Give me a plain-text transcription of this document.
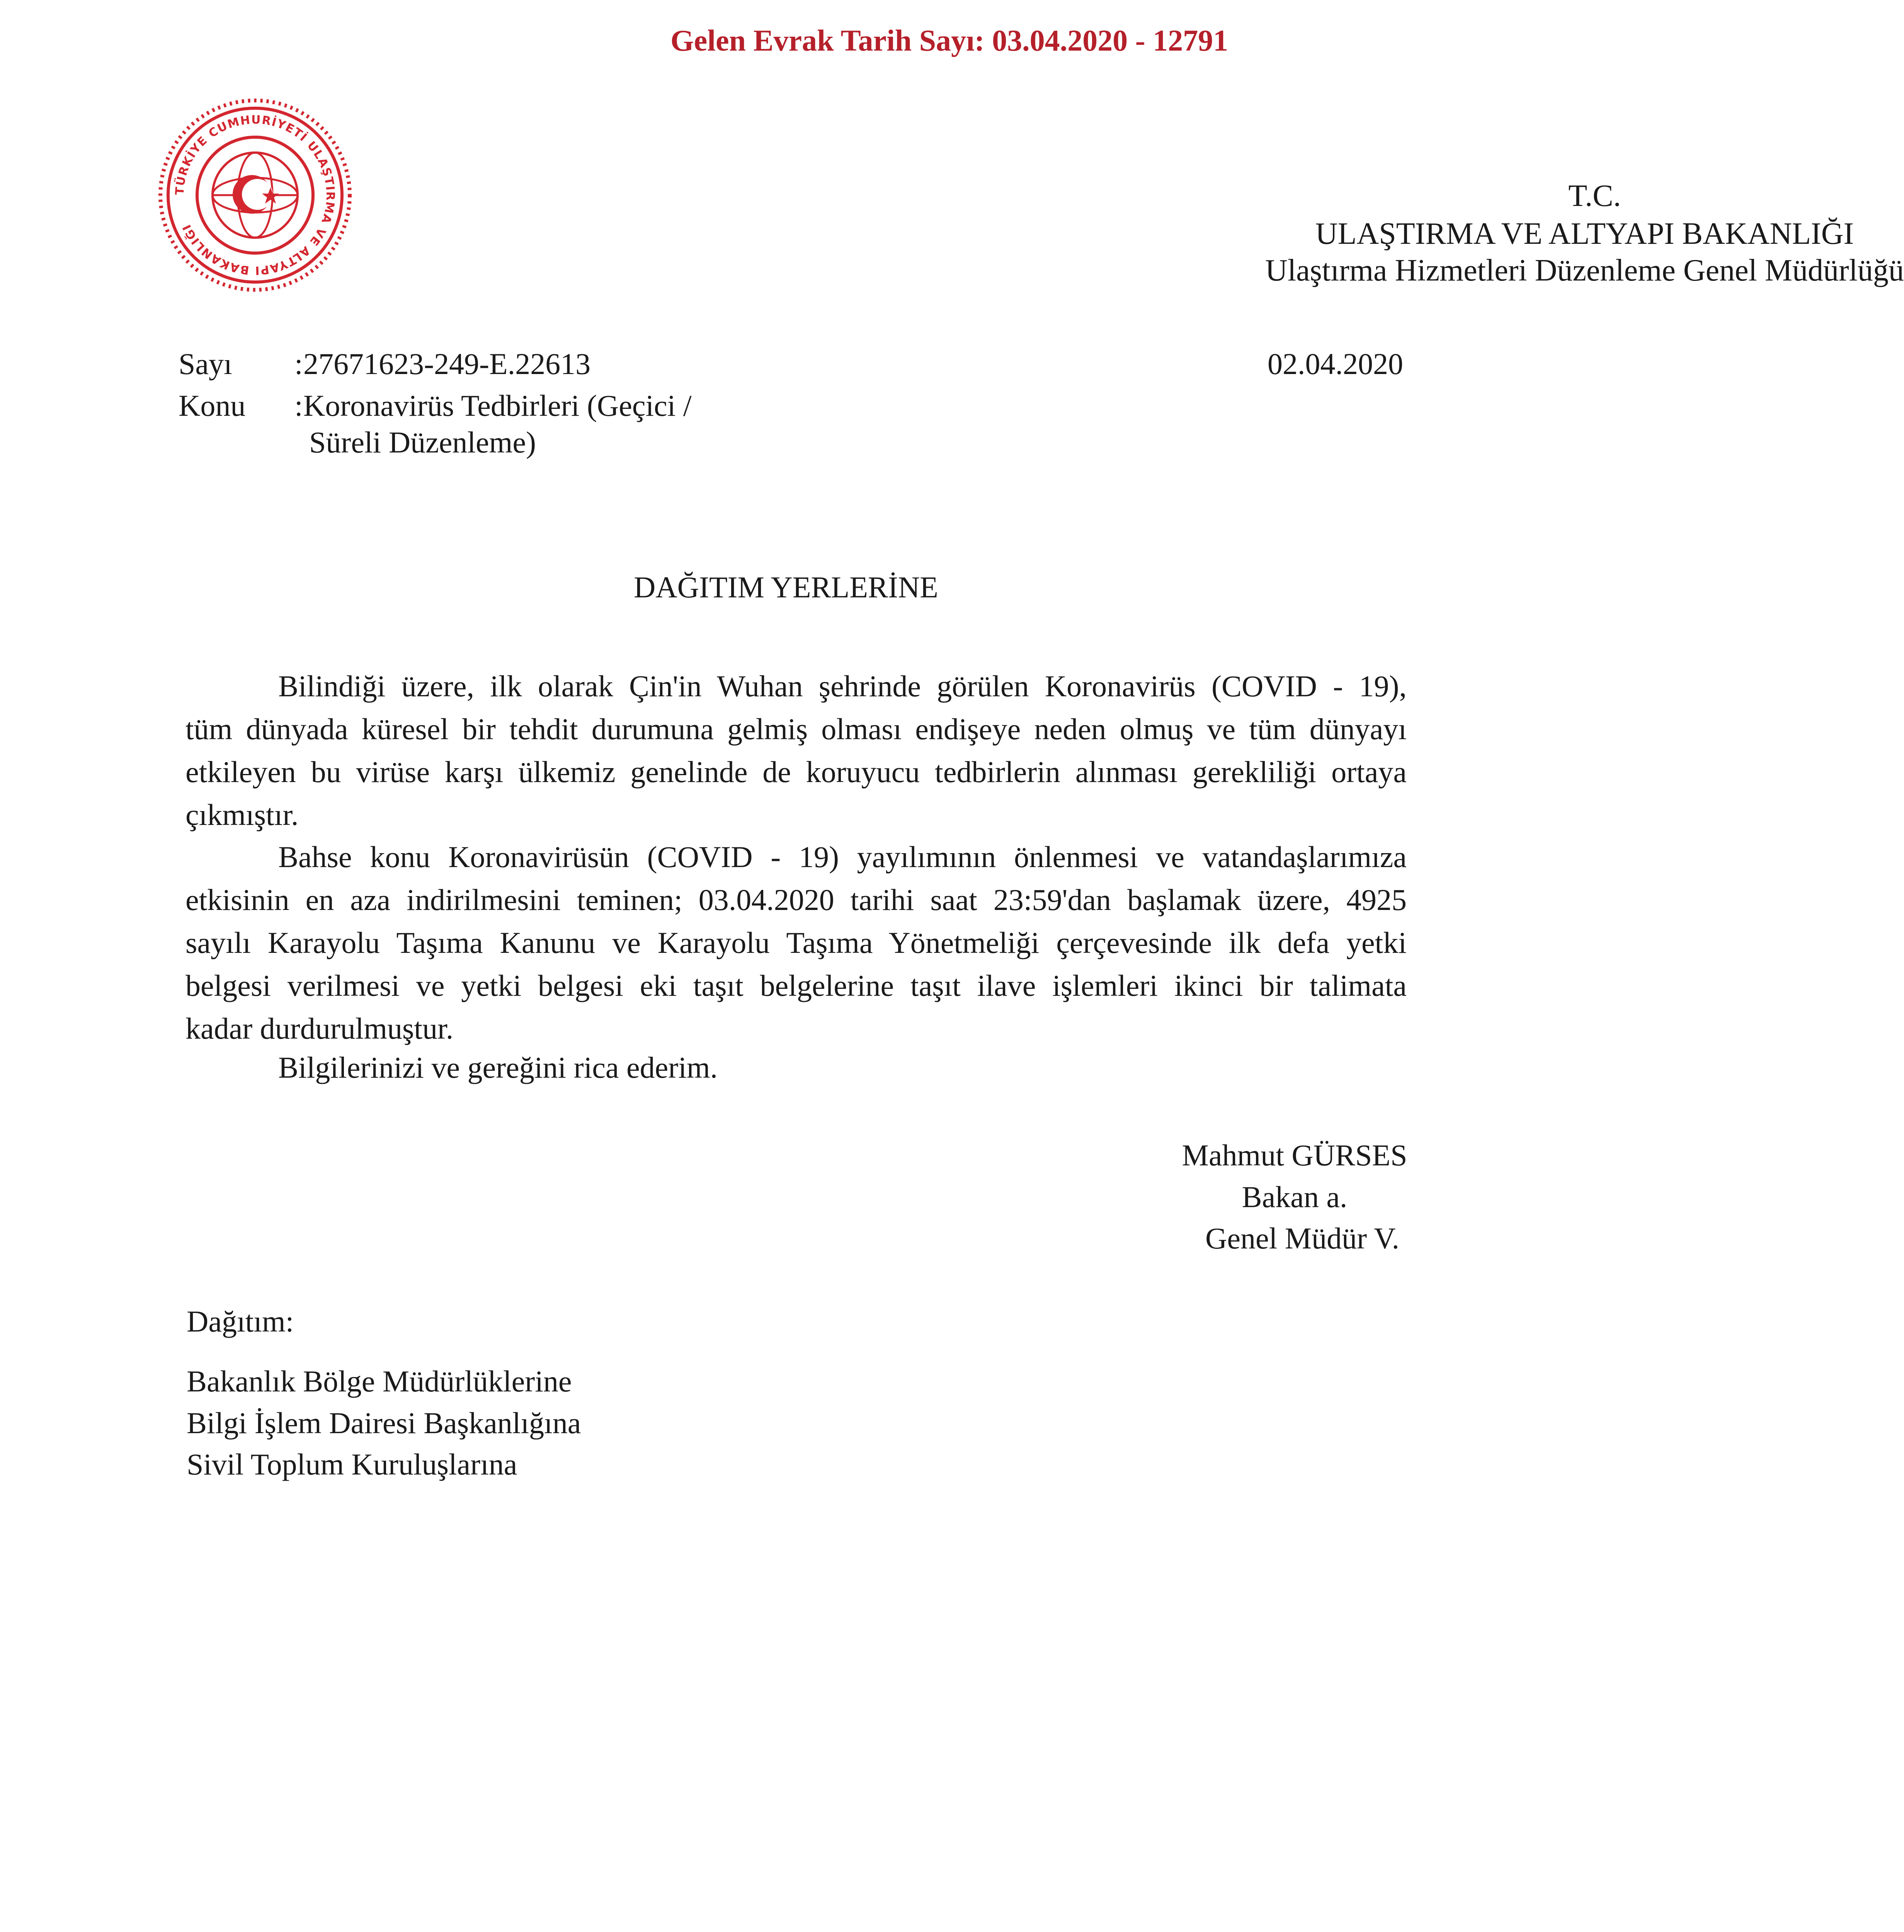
Gelen Evrak Tarih Sayı: 03.04.2020 - 12791
TÜRKİYE CUMHURİYETİ ULAŞTIRMA VE ALTYAPI BAKANLIĞI
T.C.
ULAŞTIRMA VE ALTYAPI BAKANLIĞI
Ulaştırma Hizmetleri Düzenleme Genel Müdürlüğü
Sayı : 27671623-249-E.22613	02.04.2020
Konu : Koronavirüs Tedbirleri (Geçici /
Süreli Düzenleme)
DAĞITIM YERLERİNE
Bilindiği üzere, ilk olarak Çin'in Wuhan şehrinde görülen Koronavirüs (COVID - 19),
tüm dünyada küresel bir tehdit durumuna gelmiş olması endişeye neden olmuş ve tüm dünyayı
etkileyen bu virüse karşı ülkemiz genelinde de koruyucu tedbirlerin alınması gerekliliği ortaya
çıkmıştır.
Bahse konu Koronavirüsün (COVID - 19) yayılımının önlenmesi ve vatandaşlarımıza
etkisinin en aza indirilmesini teminen; 03.04.2020 tarihi saat 23:59'dan başlamak üzere, 4925
sayılı Karayolu Taşıma Kanunu ve Karayolu Taşıma Yönetmeliği çerçevesinde ilk defa yetki
belgesi verilmesi ve yetki belgesi eki taşıt belgelerine taşıt ilave işlemleri ikinci bir talimata
kadar durdurulmuştur.
Bilgilerinizi ve gereğini rica ederim.
Mahmut GÜRSES
Bakan a.
Genel Müdür V.
Dağıtım:
Bakanlık Bölge Müdürlüklerine
Bilgi İşlem Dairesi Başkanlığına
Sivil Toplum Kuruluşlarına
